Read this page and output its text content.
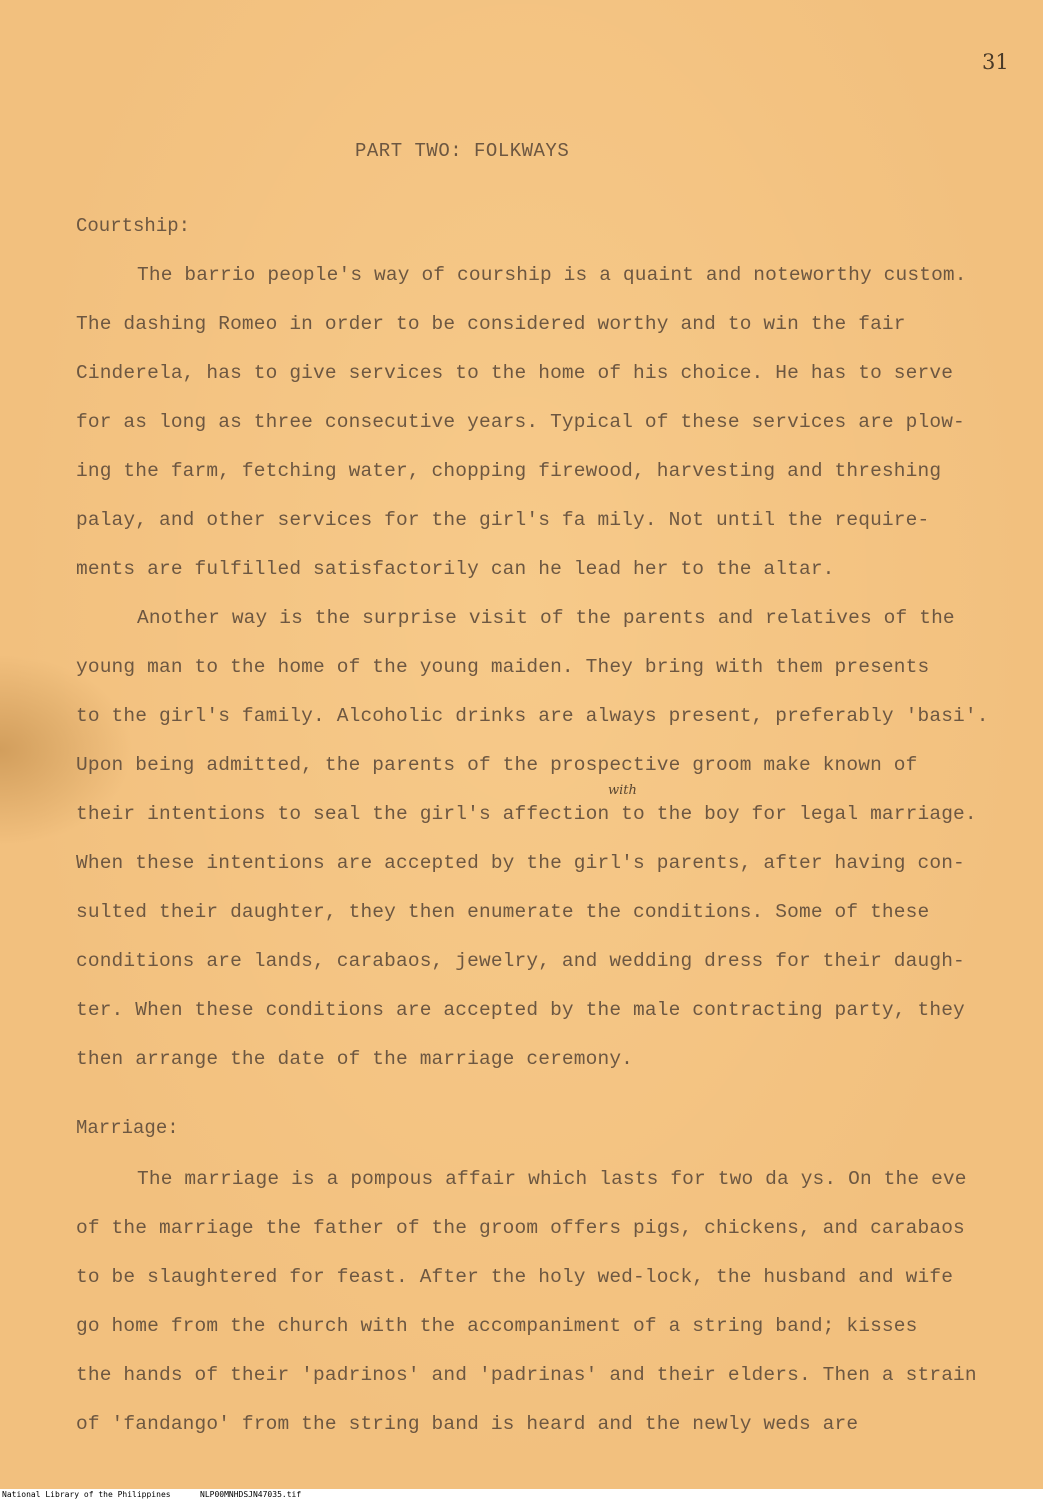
31
PART TWO: FOLKWAYS
Courtship:
The barrio people's way of courship is a quaint and noteworthy custom.
The dashing Romeo in order to be considered worthy and to win the fair
Cinderela, has to give services to the home of his choice. He has to serve
for as long as three consecutive years. Typical of these services are plow-
ing the farm, fetching water, chopping firewood, harvesting and threshing
palay, and other services for the girl's fa mily. Not until the require-
ments are fulfilled satisfactorily can he lead her to the altar.
Another way is the surprise visit of the parents and relatives of the
young man to the home of the young maiden. They bring with them presents
to the girl's family. Alcoholic drinks are always present, preferably 'basi'.
Upon being admitted, the parents of the prospective groom make known of
with
their intentions to seal the girl's affection to the boy for legal marriage.
When these intentions are accepted by the girl's parents, after having con-
sulted their daughter, they then enumerate the conditions. Some of these
conditions are lands, carabaos, jewelry, and wedding dress for their daugh-
ter. When these conditions are accepted by the male contracting party, they
then arrange the date of the marriage ceremony.
Marriage:
The marriage is a pompous affair which lasts for two da ys. On the eve
of the marriage the father of the groom offers pigs, chickens, and carabaos
to be slaughtered for feast. After the holy wed-lock, the husband and wife
go home from the church with the accompaniment of a string band; kisses
the hands of their 'padrinos' and 'padrinas' and their elders. Then a strain
of 'fandango' from the string band is heard and the newly weds are
National Library of the Philippines	NLP00MNHDSJN47035.tif
